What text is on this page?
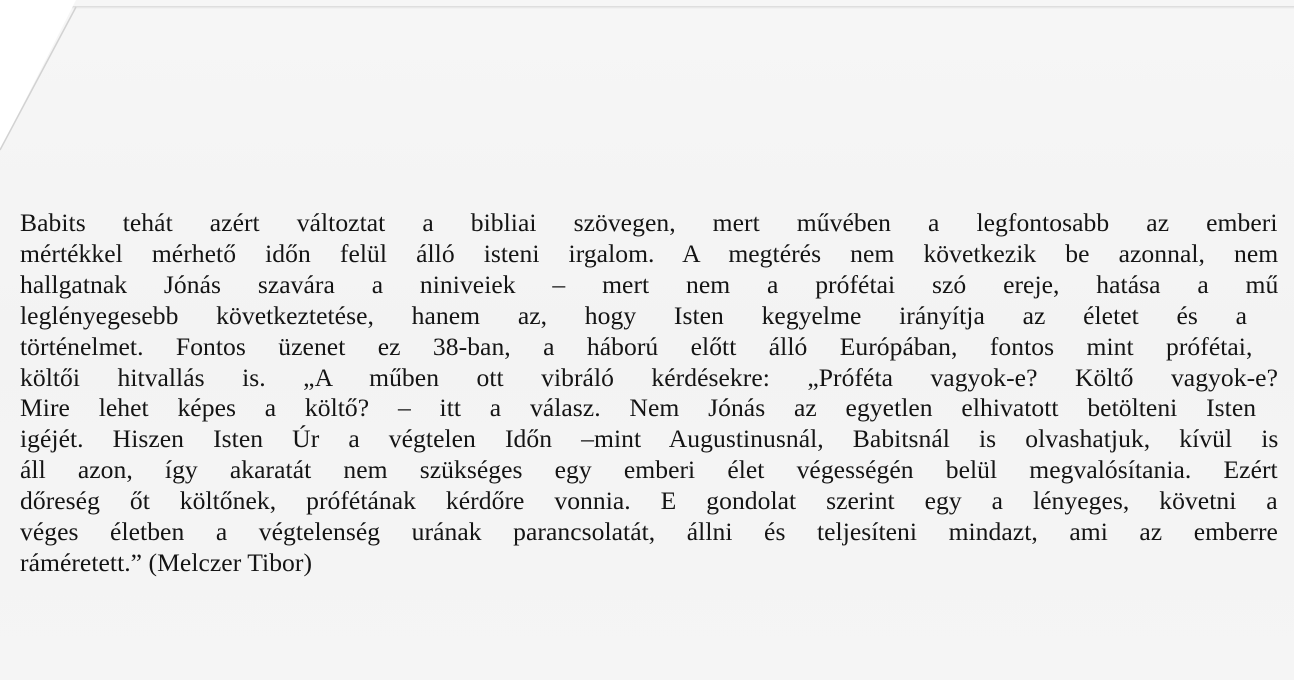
Babits tehát azért változtat a bibliai szövegen, mert művében a legfontosabb az emberi
mértékkel mérhető időn felül álló isteni irgalom. A megtérés nem következik be azonnal, nem
hallgatnak Jónás szavára a niniveiek – mert nem a prófétai szó ereje, hatása a mű
leglényegesebb következtetése, hanem az, hogy Isten kegyelme irányítja az életet és a
történelmet. Fontos üzenet ez 38-ban, a háború előtt álló Európában, fontos mint prófétai,
költői hitvallás is. „A műben ott vibráló kérdésekre: „Próféta vagyok-e? Költő vagyok-e?
Mire lehet képes a költő? – itt a válasz. Nem Jónás az egyetlen elhivatott betölteni Isten
igéjét. Hiszen Isten Úr a végtelen Időn –mint Augustinusnál, Babitsnál is olvashatjuk, kívül is
áll azon, így akaratát nem szükséges egy emberi élet végességén belül megvalósítania. Ezért
dőreség őt költőnek, prófétának kérdőre vonnia. E gondolat szerint egy a lényeges, követni a
véges életben a végtelenség urának parancsolatát, állni és teljesíteni mindazt, ami az emberre
ráméretett.” (Melczer Tibor)
